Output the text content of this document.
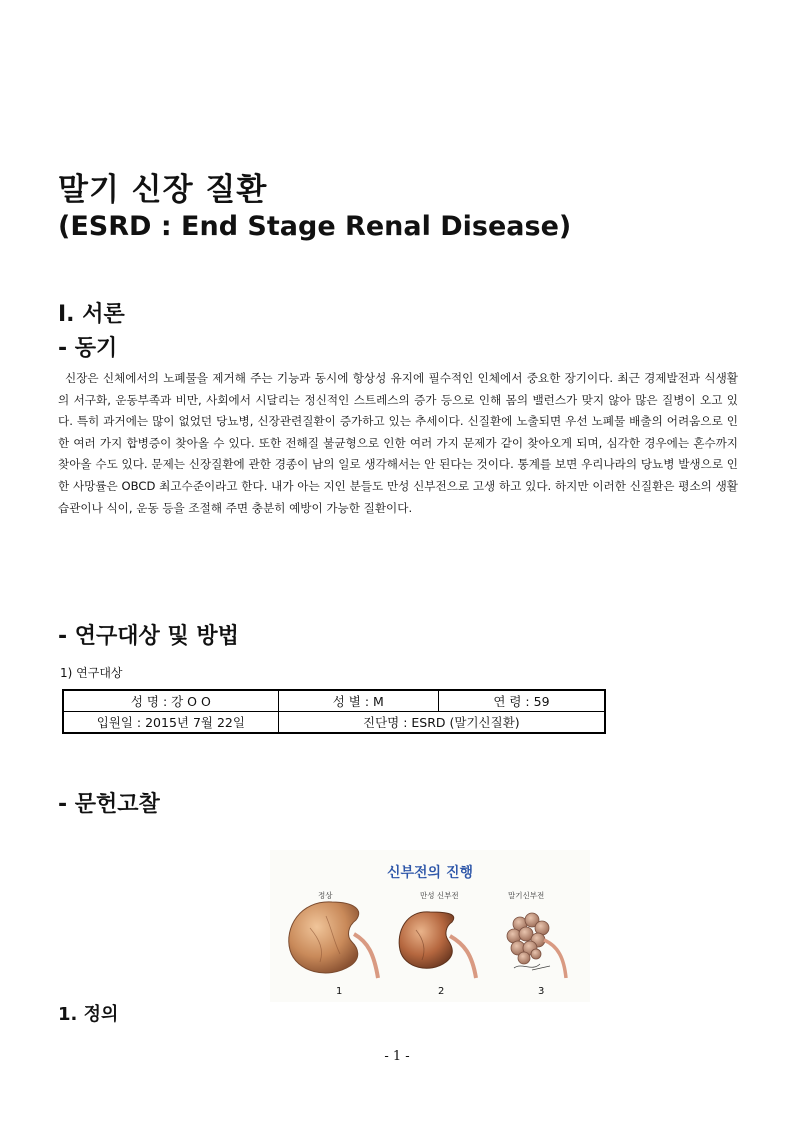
말기 신장 질환
(ESRD : End Stage Renal Disease)
I. 서론
- 동기
신장은 신체에서의 노폐물을 제거해 주는 기능과 동시에 항상성 유지에 필수적인 인체에서 중요한 장기이다. 최근 경제발전과 식생활의 서구화, 운동부족과 비만, 사회에서 시달리는 정신적인 스트레스의 증가 등으로 인해 몸의 밸런스가 맞지 않아 많은 질병이 오고 있다. 특히 과거에는 많이 없었던 당뇨병, 신장관련질환이 증가하고 있는 추세이다. 신질환에 노출되면 우선 노폐물 배출의 어려움으로 인한 여러 가지 합병증이 찾아올 수 있다. 또한 전해질 불균형으로 인한 여러 가지 문제가 같이 찾아오게 되며, 심각한 경우에는 혼수까지 찾아올 수도 있다. 문제는 신장질환에 관한 경종이 남의 일로 생각해서는 안 된다는 것이다. 통계를 보면 우리나라의 당뇨병 발생으로 인한 사망률은 OBCD 최고수준이라고 한다. 내가 아는 지인 분들도 만성 신부전으로 고생 하고 있다. 하지만 이러한 신질환은 평소의 생활습관이나 식이, 운동 등을 조절해 주면 충분히 예방이 가능한 질환이다.
- 연구대상 및 방법
1) 연구대상
성 명 : 강 O O	성 별 : M	연 령 : 59
입원일 : 2015년 7월 22일	진단명 : ESRD (말기신질환)	
- 문헌고찰
신부전의 진행
정상	만성 신부전	말기신부전
1	2	3
1. 정의
- 1 -
